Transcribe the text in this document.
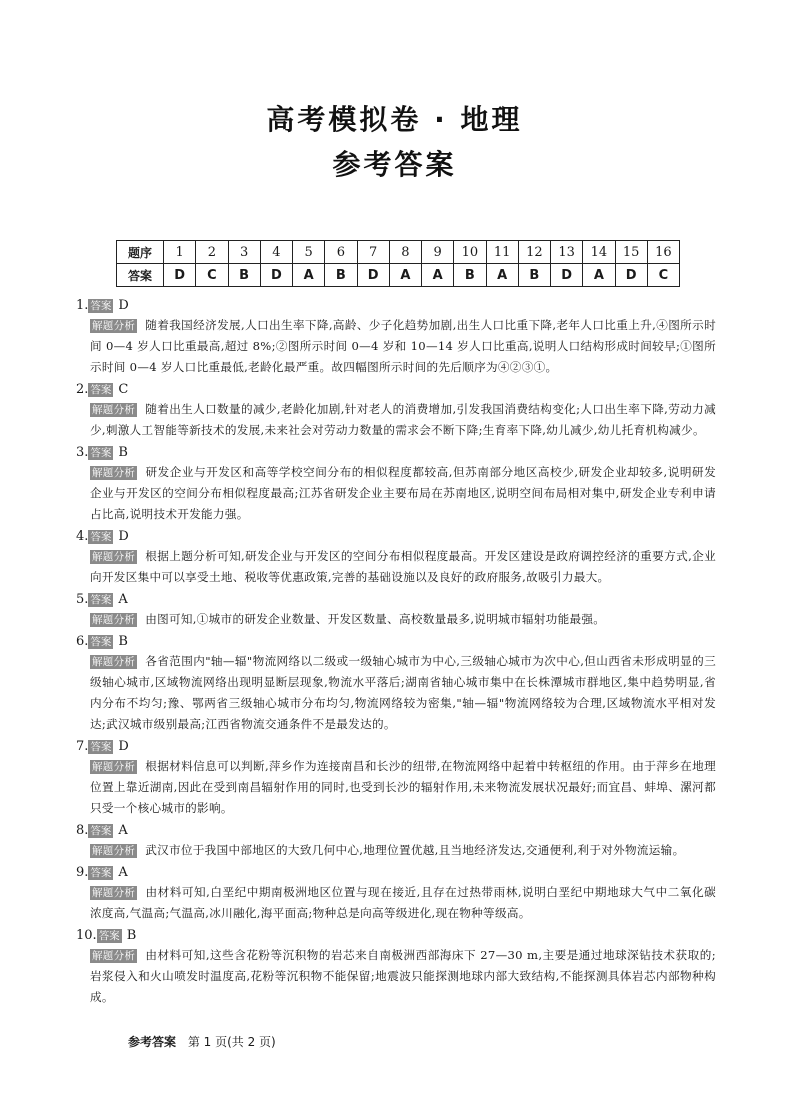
高考模拟卷 · 地理
参考答案
题序	1	2	3	4	5	6	7	8	9	10	11	12	13	14	15	16
答案	D	C	B	D	A	B	D	A	A	B	A	B	D	A	D	C
1. 答案 D
解题分析 随着我国经济发展,人口出生率下降,高龄、少子化趋势加剧,出生人口比重下降,老年人口比重上升,④图所示时间 0—4 岁人口比重最高,超过 8%;②图所示时间 0—4 岁和 10—14 岁人口比重高,说明人口结构形成时间较早;①图所示时间 0—4 岁人口比重最低,老龄化最严重。故四幅图所示时间的先后顺序为④②③①。
2. 答案 C
解题分析 随着出生人口数量的减少,老龄化加剧,针对老人的消费增加,引发我国消费结构变化;人口出生率下降,劳动力减少,刺激人工智能等新技术的发展,未来社会对劳动力数量的需求会不断下降;生育率下降,幼儿减少,幼儿托育机构减少。
3. 答案 B
解题分析 研发企业与开发区和高等学校空间分布的相似程度都较高,但苏南部分地区高校少,研发企业却较多,说明研发企业与开发区的空间分布相似程度最高;江苏省研发企业主要布局在苏南地区,说明空间布局相对集中,研发企业专利申请占比高,说明技术开发能力强。
4. 答案 D
解题分析 根据上题分析可知,研发企业与开发区的空间分布相似程度最高。开发区建设是政府调控经济的重要方式,企业向开发区集中可以享受土地、税收等优惠政策,完善的基础设施以及良好的政府服务,故吸引力最大。
5. 答案 A
解题分析 由图可知,①城市的研发企业数量、开发区数量、高校数量最多,说明城市辐射功能最强。
6. 答案 B
解题分析 各省范围内"轴—辐"物流网络以二级或一级轴心城市为中心,三级轴心城市为次中心,但山西省未形成明显的三级轴心城市,区域物流网络出现明显断层现象,物流水平落后;湖南省轴心城市集中在长株潭城市群地区,集中趋势明显,省内分布不均匀;豫、鄂两省三级轴心城市分布均匀,物流网络较为密集,"轴—辐"物流网络较为合理,区域物流水平相对发达;武汉城市级别最高;江西省物流交通条件不是最发达的。
7. 答案 D
解题分析 根据材料信息可以判断,萍乡作为连接南昌和长沙的纽带,在物流网络中起着中转枢纽的作用。由于萍乡在地理位置上靠近湖南,因此在受到南昌辐射作用的同时,也受到长沙的辐射作用,未来物流发展状况最好;而宜昌、蚌埠、漯河都只受一个核心城市的影响。
8. 答案 A
解题分析 武汉市位于我国中部地区的大致几何中心,地理位置优越,且当地经济发达,交通便利,利于对外物流运输。
9. 答案 A
解题分析 由材料可知,白垩纪中期南极洲地区位置与现在接近,且存在过热带雨林,说明白垩纪中期地球大气中二氧化碳浓度高,气温高;气温高,冰川融化,海平面高;物种总是向高等级进化,现在物种等级高。
10. 答案 B
解题分析 由材料可知,这些含花粉等沉积物的岩芯来自南极洲西部海床下 27—30 m,主要是通过地球深钻技术获取的;岩浆侵入和火山喷发时温度高,花粉等沉积物不能保留;地震波只能探测地球内部大致结构,不能探测具体岩芯内部物种构成。
参考答案 第 1 页(共 2 页)
